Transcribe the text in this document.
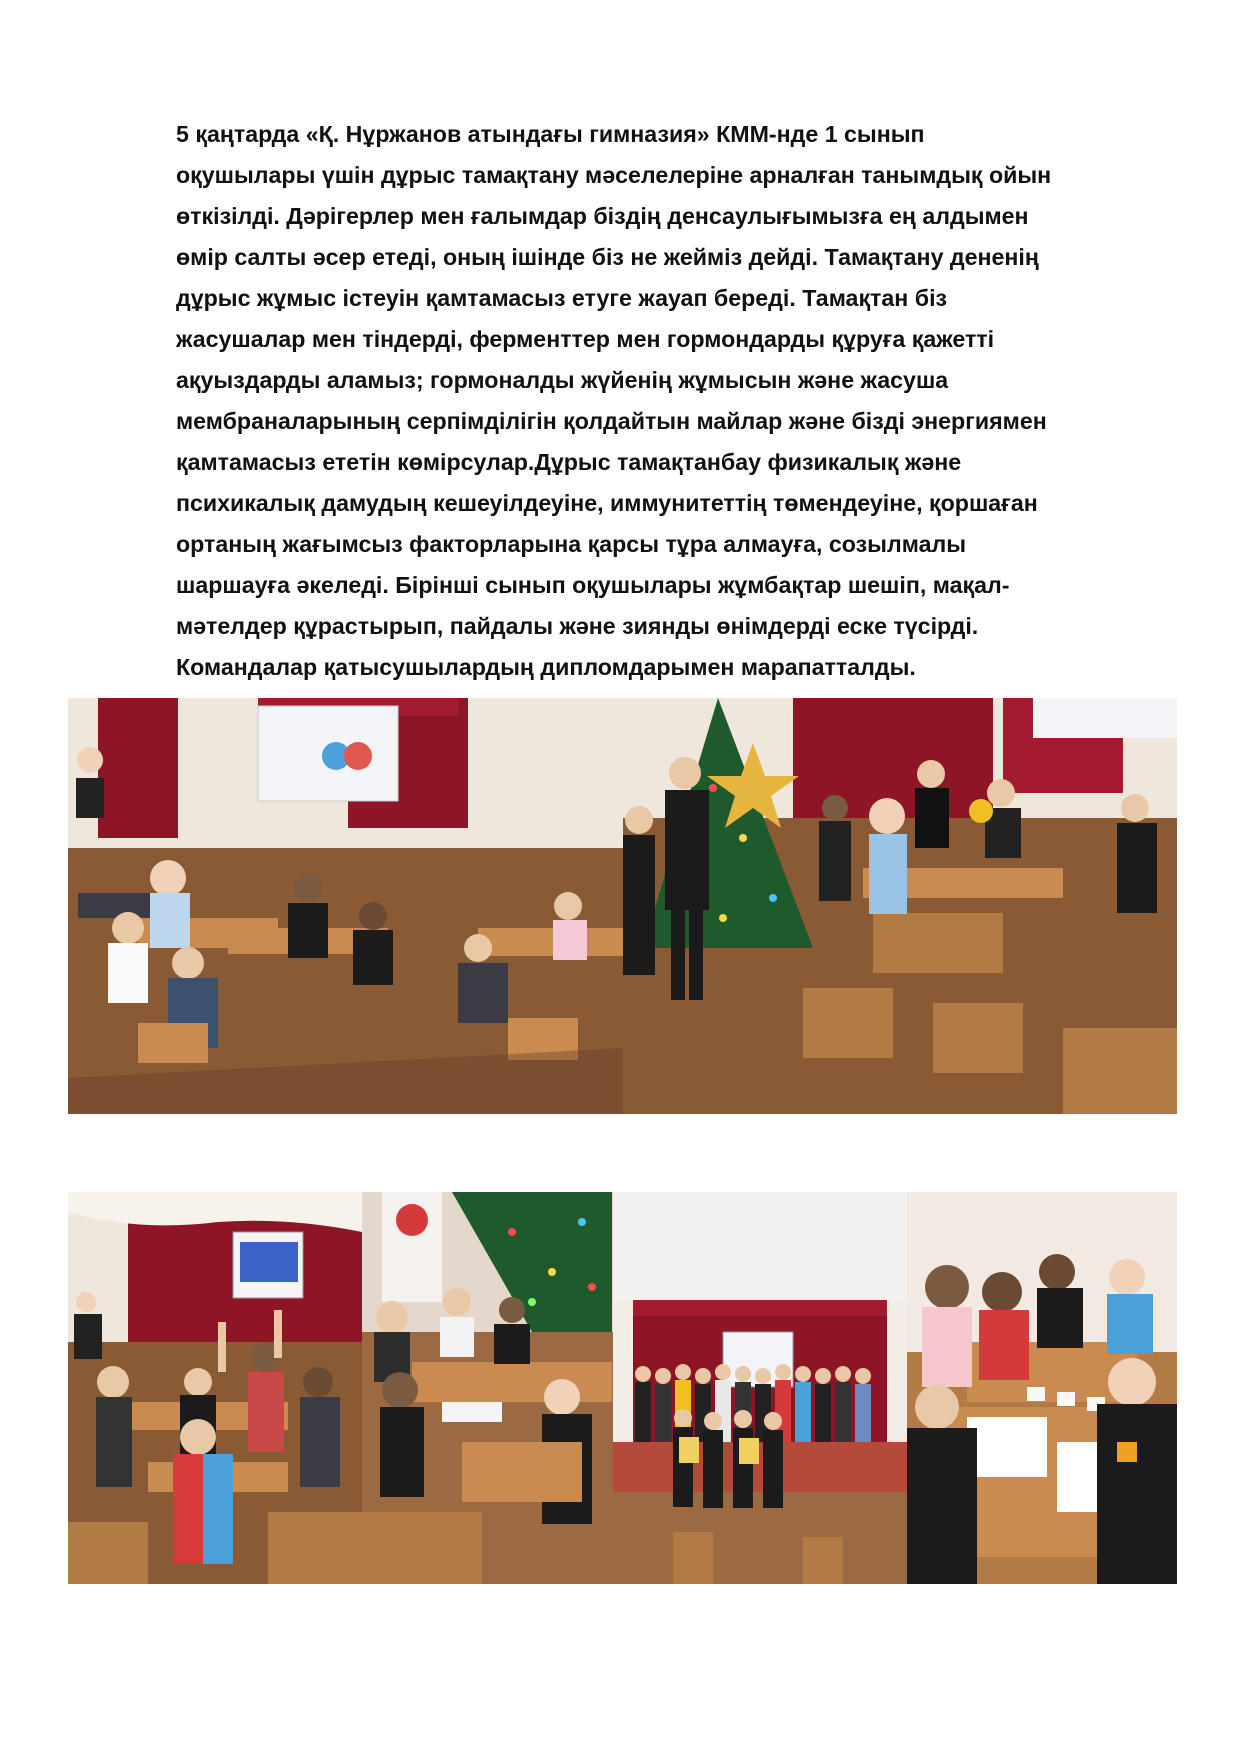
5 қаңтарда «Қ. Нұржанов атындағы гимназия» КММ-нде 1 сынып
оқушылары үшін дұрыс тамақтану мәселелеріне арналған танымдық ойын
өткізілді. Дәрігерлер мен ғалымдар біздің денсаулығымызға ең алдымен
өмір салты әсер етеді, оның ішінде біз не жейміз дейді. Тамақтану дененің
дұрыс жұмыс істеуін қамтамасыз етуге жауап береді. Тамақтан біз
жасушалар мен тіндерді, ферменттер мен гормондарды құруға қажетті
ақуыздарды аламыз; гормоналды жүйенің жұмысын және жасуша
мембраналарының серпімділігін қолдайтын майлар және бізді энергиямен
қамтамасыз ететін көмірсулар.Дұрыс тамақтанбау физикалық және
психикалық дамудың кешеуілдеуіне, иммунитеттің төмендеуіне, қоршаған
ортаның жағымсыз факторларына қарсы тұра алмауға, созылмалы
шаршауға әкеледі. Бірінші сынып оқушылары жұмбақтар шешіп, мақал-
мәтелдер құрастырып, пайдалы және зиянды өнімдерді еске түсірді.
Командалар қатысушылардың дипломдарымен марапатталды.
